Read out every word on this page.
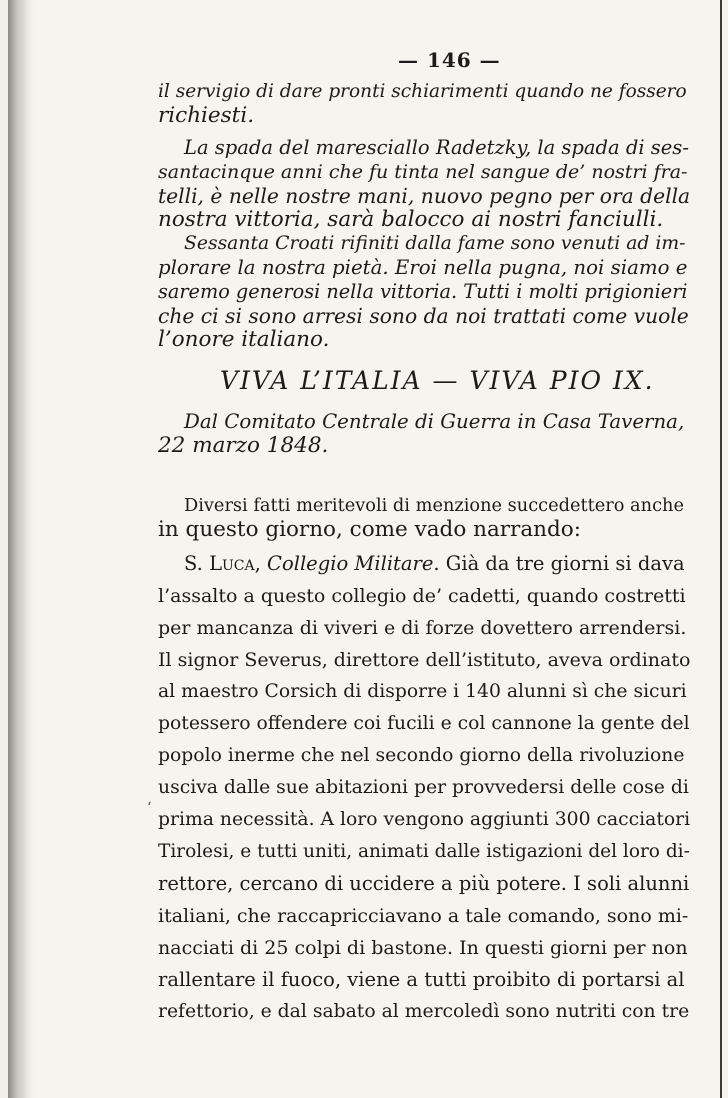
— 146 —
il servigio di dare pronti schiarimenti quando ne fossero
richiesti.
La spada del maresciallo Radetzky, la spada di ses-
santacinque anni che fu tinta nel sangue de’ nostri fra-
telli, è nelle nostre mani, nuovo pegno per ora della
nostra vittoria, sarà balocco ai nostri fanciulli.
Sessanta Croati rifiniti dalla fame sono venuti ad im-
plorare la nostra pietà. Eroi nella pugna, noi siamo e
saremo generosi nella vittoria. Tutti i molti prigionieri
che ci si sono arresi sono da noi trattati come vuole
l’onore italiano.
VIVA L’ITALIA — VIVA PIO IX.
Dal Comitato Centrale di Guerra in Casa Taverna,
22 marzo 1848.
Diversi fatti meritevoli di menzione succedettero anche
in questo giorno, come vado narrando:
S. Luca, Collegio Militare. Già da tre giorni si dava
l’assalto a questo collegio de’ cadetti, quando costretti
per mancanza di viveri e di forze dovettero arrendersi.
Il signor Severus, direttore dell’istituto, aveva ordinato
al maestro Corsich di disporre i 140 alunni sì che sicuri
potessero offendere coi fucili e col cannone la gente del
popolo inerme che nel secondo giorno della rivoluzione
usciva dalle sue abitazioni per provvedersi delle cose di
prima necessità. A loro vengono aggiunti 300 cacciatori
Tirolesi, e tutti uniti, animati dalle istigazioni del loro di-
rettore, cercano di uccidere a più potere. I soli alunni
italiani, che raccapricciavano a tale comando, sono mi-
nacciati di 25 colpi di bastone. In questi giorni per non
rallentare il fuoco, viene a tutti proibito di portarsi al
refettorio, e dal sabato al mercoledì sono nutriti con tre
ʻ
